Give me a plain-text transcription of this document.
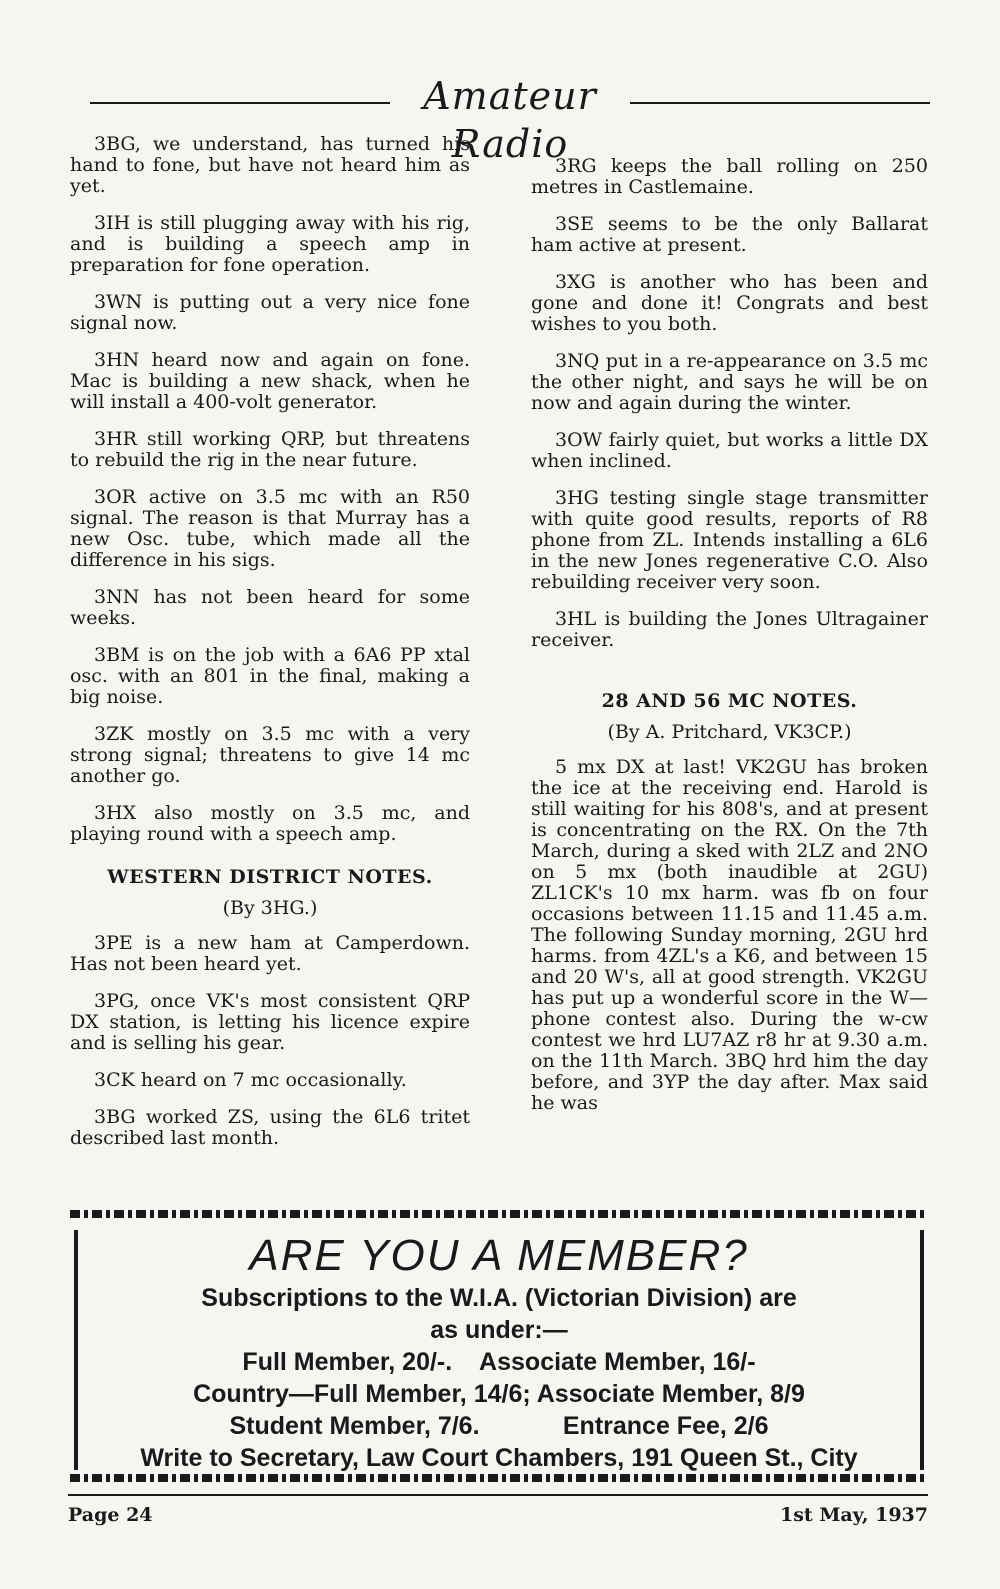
Amateur Radio

3BG, we understand, has turned his hand to fone, but have not heard him as yet.

3IH is still plugging away with his rig, and is building a speech amp in preparation for fone operation.

3WN is putting out a very nice fone signal now.

3HN heard now and again on fone. Mac is building a new shack, when he will install a 400-volt generator.

3HR still working QRP, but threatens to rebuild the rig in the near future.

3OR active on 3.5 mc with an R50 signal. The reason is that Murray has a new Osc. tube, which made all the difference in his sigs.

3NN has not been heard for some weeks.

3BM is on the job with a 6A6 PP xtal osc. with an 801 in the final, making a big noise.

3ZK mostly on 3.5 mc with a very strong signal; threatens to give 14 mc another go.

3HX also mostly on 3.5 mc, and playing round with a speech amp.

WESTERN DISTRICT NOTES.
(By 3HG.)

3PE is a new ham at Camperdown. Has not been heard yet.

3PG, once VK's most consistent QRP DX station, is letting his licence expire and is selling his gear.

3CK heard on 7 mc occasionally.

3BG worked ZS, using the 6L6 tritet described last month.

3RG keeps the ball rolling on 250 metres in Castlemaine.

3SE seems to be the only Ballarat ham active at present.

3XG is another who has been and gone and done it! Congrats and best wishes to you both.

3NQ put in a re-appearance on 3.5 mc the other night, and says he will be on now and again during the winter.

3OW fairly quiet, but works a little DX when inclined.

3HG testing single stage transmitter with quite good results, reports of R8 phone from ZL. Intends installing a 6L6 in the new Jones regenerative C.O. Also rebuilding receiver very soon.

3HL is building the Jones Ultragainer receiver.

28 AND 56 MC NOTES.
(By A. Pritchard, VK3CP.)

5 mx DX at last! VK2GU has broken the ice at the receiving end. Harold is still waiting for his 808's, and at present is concentrating on the RX. On the 7th March, during a sked with 2LZ and 2NO on 5 mx (both inaudible at 2GU) ZL1CK's 10 mx harm. was fb on four occasions between 11.15 and 11.45 a.m. The following Sunday morning, 2GU hrd harms. from 4ZL's a K6, and between 15 and 20 W's, all at good strength. VK2GU has put up a wonderful score in the W— phone contest also. During the w-cw contest we hrd LU7AZ r8 hr at 9.30 a.m. on the 11th March. 3BQ hrd him the day before, and 3YP the day after. Max said he was

ARE YOU A MEMBER?
Subscriptions to the W.I.A. (Victorian Division) are
as under:—
Full Member, 20/-.    Associate Member, 16/-
Country—Full Member, 14/6; Associate Member, 8/9
Student Member, 7/6.            Entrance Fee, 2/6
Write to Secretary, Law Court Chambers, 191 Queen St., City
Page 24	1st May, 1937
